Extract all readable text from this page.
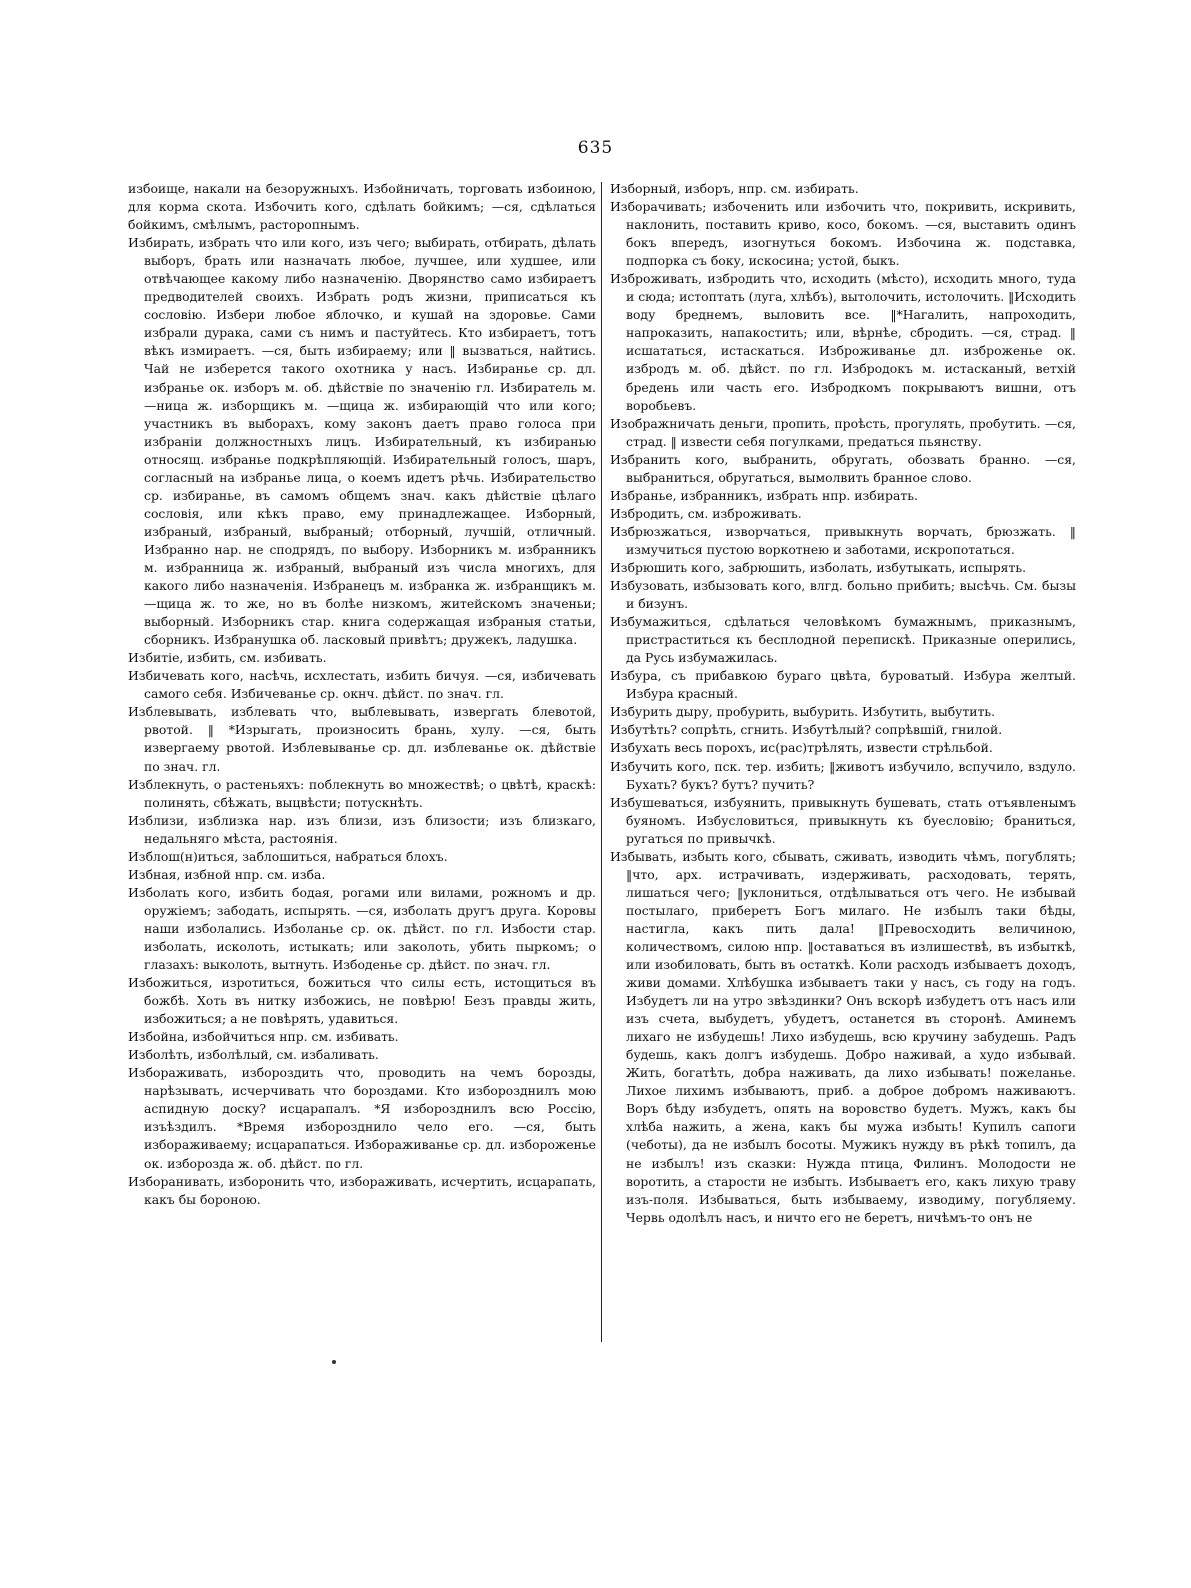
635

избоище, накали на безоружныхъ. Избойничать, торговать избоиною, для корма скота. Избочить кого, сдѣлать бойкимъ; —ся, сдѣлаться бойкимъ, смѣлымъ, расторопнымъ.

Избирать, избрать что или кого, изъ чего; выбирать, отбирать, дѣлать выборъ, брать или назначать любое, лучшее, или худшее, или отвѣчающее какому либо назначенію. Дворянство само избираетъ предводителей своихъ. Избрать родъ жизни, приписаться къ сословію. Избери любое яблочко, и кушай на здоровье. Сами избрали дурака, сами съ нимъ и пастуйтесь. Кто избираетъ, тотъ вѣкъ измираетъ. —ся, быть избираему; или ‖ вызваться, найтись. Чай не изберется такого охотника у насъ. Избиранье ср. дл. избранье ок. изборъ м. об. дѣйствіе по значенію гл. Избиратель м. —ница ж. изборщикъ м. —щица ж. избирающій что или кого; участникъ въ выборахъ, кому законъ даетъ право голоса при избраніи должностныхъ лицъ. Избирательный, къ избиранью относящ. избранье подкрѣпляющій. Избирательный голосъ, шаръ, согласный на избранье лица, о коемъ идетъ рѣчь. Избирательство ср. избиранье, въ самомъ общемъ знач. какъ дѣйствіе цѣлаго сословія, или кѣкъ право, ему принадлежащее. Изборный, избраный, избраный, выбраный; отборный, лучшій, отличный. Избранно нар. не сподрядъ, по выбору. Изборникъ м. избранникъ м. избранница ж. избраный, выбраный изъ числа многихъ, для какого либо назначенія. Избранецъ м. избранка ж. избранщикъ м. —щица ж. то же, но въ болѣе низкомъ, житейскомъ значеньи; выборный. Изборникъ стар. книга содержащая избраныя статьи, сборникъ. Избранушка об. ласковый привѣтъ; дружекъ, ладушка.

Избитіе, избить, см. избивать.

Избичевать кого, насѣчь, исхлестать, избить бичуя. —ся, избичевать самого себя. Избичеванье ср. окнч. дѣйст. по знач. гл.

Изблевывать, изблевать что, выблевывать, извергать блевотой, рвотой. ‖ *Изрыгать, произносить брань, хулу. —ся, быть извергаему рвотой. Изблевыванье ср. дл. изблеванье ок. дѣйствіе по знач. гл.

Изблекнуть, о растеньяхъ: поблекнуть во множествѣ; о цвѣтѣ, краскѣ: полинять, сбѣжать, выцвѣсти; потускнѣть.

Изблизи, изблизка нар. изъ близи, изъ близости; изъ близкаго, недальняго мѣста, растоянія.

Изблош(н)иться, заблошиться, набраться блохъ.

Избная, избной нпр. см. изба.

Изболать кого, избить бодая, рогами или вилами, рожномъ и др. оружіемъ; забодать, испырять. —ся, изболать другъ друга. Коровы наши изболались. Изболанье ср. ок. дѣйст. по гл. Избости стар. изболать, исколоть, истыкать; или заколоть, убить пыркомъ; о глазахъ: выколоть, вытнуть. Избоденье ср. дѣйст. по знач. гл.

Избожиться, изротиться, божиться что силы есть, истощиться въ божбѣ. Хоть въ нитку избожись, не повѣрю! Безъ правды жить, избожиться; а не повѣрять, удавиться.

Избойна, избойчиться нпр. см. избивать.

Изболѣть, изболѣлый, см. избаливать.

Избораживать, избороздить что, проводить на чемъ борозды, нарѣзывать, исчерчивать что бороздами. Кто изборозднилъ мою аспидную доску? исцарапалъ. *Я изборозднилъ всю Россію, изъѣздилъ. *Время изборозднило чело его. —ся, быть избораживаему; исцарапаться. Избораживанье ср. дл. избороженье ок. изборозда ж. об. дѣйст. по гл.

Изборанивать, изборонить что, избораживать, исчертить, исцарапать, какъ бы бороною.

Изборный, изборъ, нпр. см. избирать.

Изборачивать; избоченить или избочить что, покривить, искривить, наклонить, поставить криво, косо, бокомъ. —ся, выставить одинъ бокъ впередъ, изогнуться бокомъ. Избочина ж. подставка, подпорка съ боку, искосина; устой, быкъ.

Изброживать, избродить что, исходить (мѣсто), исходить много, туда и сюда; истоптать (луга, хлѣбъ), вытолочить, истолочить. ‖Исходить воду бреднемъ, выловить все. ‖*Нагалить, напроходить, напроказить, напакостить; или, вѣрнѣе, сбродить. —ся, страд. ‖ исшататься, истаскаться. Изброживанье дл. изброженье ок. избродъ м. об. дѣйст. по гл. Избродокъ м. истасканый, ветхій бредень или часть его. Избродкомъ покрываютъ вишни, отъ воробьевъ.

Изображничать деньги, пропить, проѣсть, прогулять, пробутить. —ся, страд. ‖ извести себя погулками, предаться пьянству.

Избранить кого, выбранить, обругать, обозвать бранно. —ся, выбраниться, обругаться, вымолвить бранное слово.

Избранье, избранникъ, избрать нпр. избирать.

Избродить, см. изброживать.

Избрюзжаться, изворчаться, привыкнуть ворчать, брюзжать. ‖ измучиться пустою воркотнею и заботами, искропотаться.

Избрюшить кого, забрюшить, изболать, избутыкать, испырять.

Избузовать, избызовать кого, влгд. больно прибить; высѣчь. См. бызы и бизунъ.

Избумажиться, сдѣлаться человѣкомъ бумажнымъ, приказнымъ, пристраститься къ бесплодной перепискѣ. Приказные оперились, да Русь избумажилась.

Избура, съ прибавкою бураго цвѣта, буроватый. Избура желтый. Избура красный.

Избурить дыру, пробурить, выбурить. Избутить, выбутить.

Избутѣть? сопрѣть, сгнить. Избутѣлый? сопрѣвшій, гнилой.

Избухать весь порохъ, ис(рас)трѣлять, извести стрѣльбой.

Избучить кого, пск. тер. избить; ‖животъ избучило, вспучило, вздуло. Бухать? букъ? бутъ? пучить?

Избушеваться, избуянить, привыкнуть бушевать, стать отъявленымъ буяномъ. Избусловиться, привыкнуть къ буесловію; браниться, ругаться по привычкѣ.

Избывать, избыть кого, сбывать, сживать, изводить чѣмъ, погублять; ‖что, арх. истрачивать, издерживать, расходовать, терять, лишаться чего; ‖уклониться, отдѣлываться отъ чего. Не избывай постылаго, приберетъ Богъ милаго. Не избылъ таки бѣды, настигла, какъ пить дала! ‖Превосходить величиною, количествомъ, силою нпр. ‖оставаться въ излишествѣ, въ избыткѣ, или изобиловать, быть въ остаткѣ. Коли расходъ избываетъ доходъ, живи домами. Хлѣбушка избываетъ таки у насъ, съ году на годъ. Избудетъ ли на утро звѣздинки? Онъ вскорѣ избудетъ отъ насъ или изъ счета, выбудетъ, убудетъ, останется въ сторонѣ. Аминемъ лихаго не избудешь! Лихо избудешь, всю кручину забудешь. Радъ будешь, какъ долгъ избудешь. Добро наживай, а худо избывай. Жить, богатѣть, добра наживать, да лихо избывать! пожеланье. Лихое лихимъ избываютъ, приб. а доброе добромъ наживаютъ. Воръ бѣду избудетъ, опять на воровство будетъ. Мужъ, какъ бы хлѣба нажить, а жена, какъ бы мужа избыть! Купилъ сапоги (чеботы), да не избылъ босоты. Мужикъ нужду въ рѣкѣ топилъ, да не избылъ! изъ сказки: Нужда птица, Филинъ. Молодости не воротить, а старости не избыть. Избываетъ его, какъ лихую траву изъ-поля. Избываться, быть избываему, изводиму, погубляему. Червь одолѣлъ насъ, и ничто его не беретъ, ничѣмъ-то онъ не
